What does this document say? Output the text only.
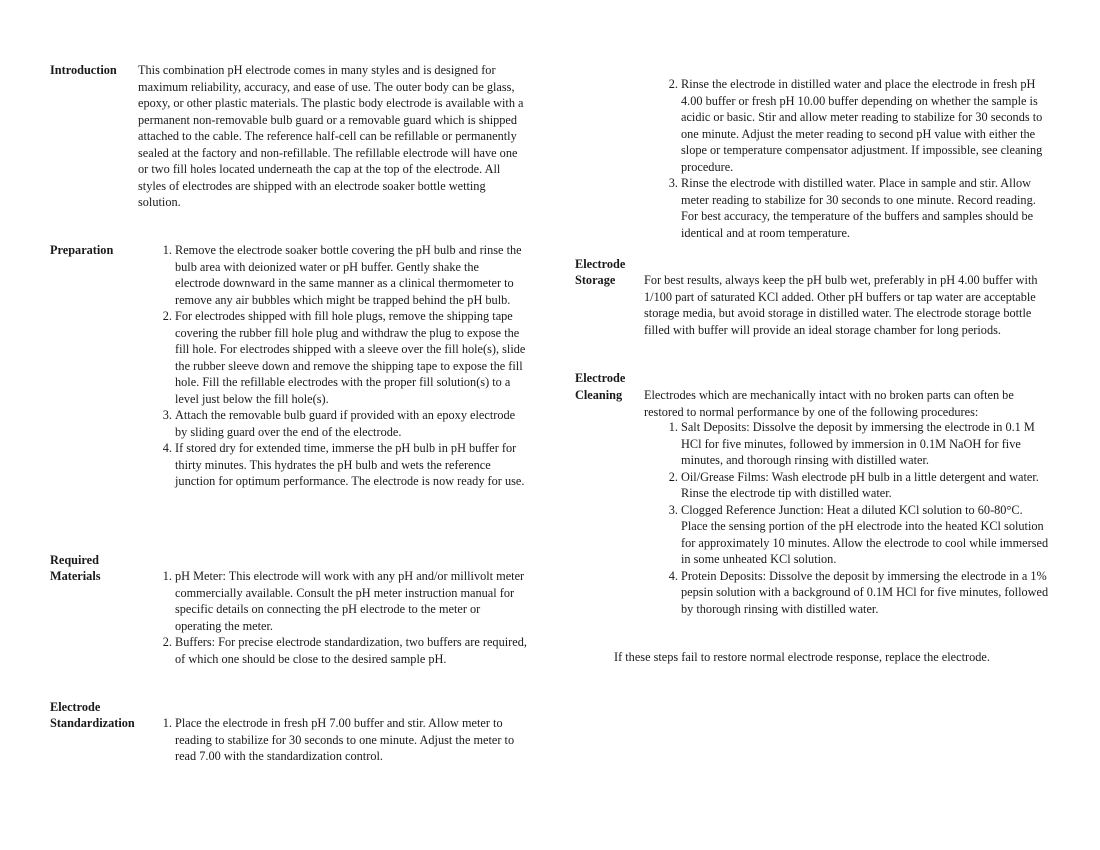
Introduction This combination pH electrode comes in many styles and is designed for maximum reliability, accuracy, and ease of use. The outer body can be glass, epoxy, or other plastic materials. The plastic body electrode is available with a permanent non-removable bulb guard or a removable guard which is shipped attached to the cable. The reference half-cell can be refillable or permanently sealed at the factory and non-refillable. The refillable electrode will have one or two fill holes located underneath the cap at the top of the electrode. All styles of electrodes are shipped with an electrode soaker bottle wetting solution.

Preparation	1. Remove the electrode soaker bottle covering the pH bulb and rinse the bulb area with deionized water or pH buffer. Gently shake the electrode downward in the same manner as a clinical thermometer to remove any air bubbles which might be trapped behind the pH bulb.
2. For electrodes shipped with fill hole plugs, remove the shipping tape covering the rubber fill hole plug and withdraw the plug to expose the fill hole. For electrodes shipped with a sleeve over the fill hole(s), slide the rubber sleeve down and remove the shipping tape to expose the fill hole. Fill the refillable electrodes with the proper fill solution(s) to a level just below the fill hole(s).
3. Attach the removable bulb guard if provided with an epoxy electrode by sliding guard over the end of the electrode.
4. If stored dry for extended time, immerse the pH bulb in pH buffer for thirty minutes. This hydrates the pH bulb and wets the reference junction for optimum performance. The electrode is now ready for use.
Required
Materials	1. pH Meter: This electrode will work with any pH and/or millivolt meter commercially available. Consult the pH meter instruction manual for specific details on connecting the pH electrode to the meter or operating the meter.
2. Buffers: For precise electrode standardization, two buffers are required, of which one should be close to the desired sample pH.
Electrode
Standardization	1. Place the electrode in fresh pH 7.00 buffer and stir. Allow meter to reading to stabilize for 30 seconds to one minute. Adjust the meter to read 7.00 with the standardization control.
2. Rinse the electrode in distilled water and place the electrode in fresh pH 4.00 buffer or fresh pH 10.00 buffer depending on whether the sample is acidic or basic. Stir and allow meter reading to stabilize for 30 seconds to one minute. Adjust the meter reading to second pH value with either the slope or temperature compensator adjustment. If impossible, see cleaning procedure.
3. Rinse the electrode with distilled water. Place in sample and stir. Allow meter reading to stabilize for 30 seconds to one minute. Record reading. For best accuracy, the temperature of the buffers and samples should be identical and at room temperature.
Electrode
Storage For best results, always keep the pH bulb wet, preferably in pH 4.00 buffer with 1/100 part of saturated KCl added. Other pH buffers or tap water are acceptable storage media, but avoid storage in distilled water. The electrode storage bottle filled with buffer will provide an ideal storage chamber for long periods.

Electrode
Cleaning Electrodes which are mechanically intact with no broken parts can often be restored to normal performance by one of the following procedures:

1. Salt Deposits: Dissolve the deposit by immersing the electrode in 0.1 M HCl for five minutes, followed by immersion in 0.1M NaOH for five minutes, and thorough rinsing with distilled water.
2. Oil/Grease Films: Wash electrode pH bulb in a little detergent and water. Rinse the electrode tip with distilled water.
3. Clogged Reference Junction: Heat a diluted KCl solution to 60-80°C. Place the sensing portion of the pH electrode into the heated KCl solution for approximately 10 minutes. Allow the electrode to cool while immersed in some unheated KCl solution.
4. Protein Deposits: Dissolve the deposit by immersing the electrode in a 1% pepsin solution with a background of 0.1M HCl for five minutes, followed by thorough rinsing with distilled water.

If these steps fail to restore normal electrode response, replace the electrode.
